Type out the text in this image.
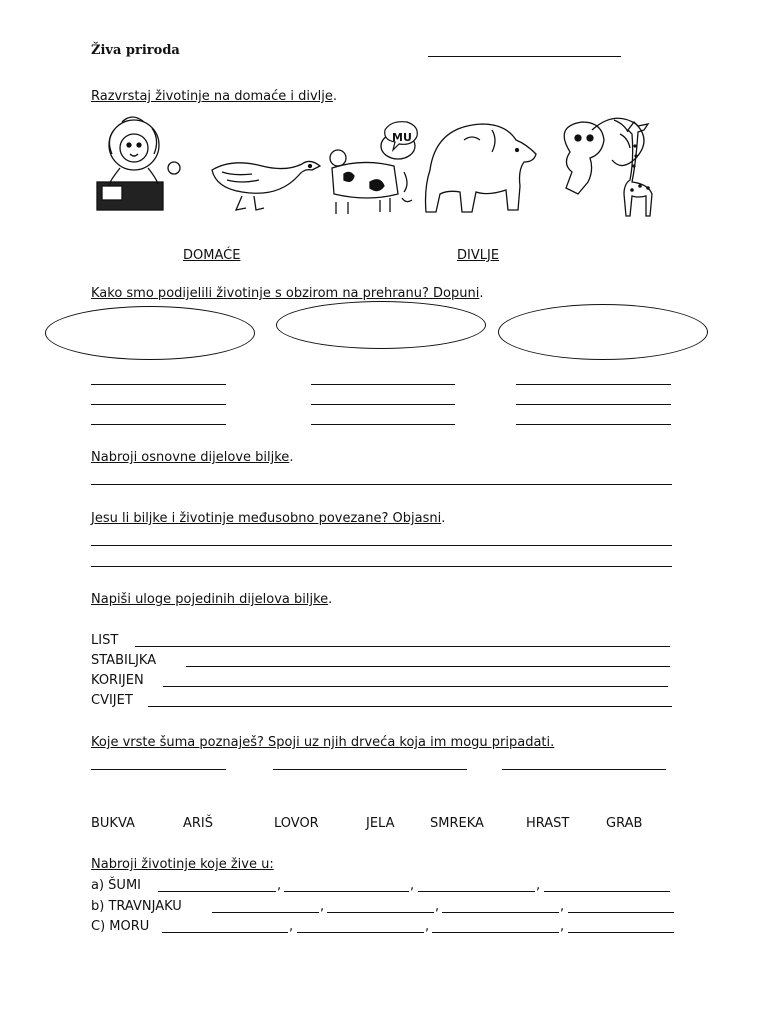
Živa priroda
Razvrstaj životinje na domaće i divlje.
MU
DOMAĆE	DIVLJE
Kako smo podijelili životinje s obzirom na prehranu? Dopuni.
Nabroji osnovne dijelove biljke.
Jesu li biljke i životinje međusobno povezane? Objasni.
Napiši uloge pojedinih dijelova biljke.
LIST
STABILJKA
KORIJEN
CVIJET
Koje vrste šuma poznaješ? Spoji uz njih drveća koja im mogu pripadati.
BUKVA	ARIŠ	LOVOR	JELA	SMREKA	HRAST	GRAB
Nabroji životinje koje žive u:
a) ŠUMI	,	,	,
b) TRAVNJAKU	,	,	,
C) MORU	,	,	,
